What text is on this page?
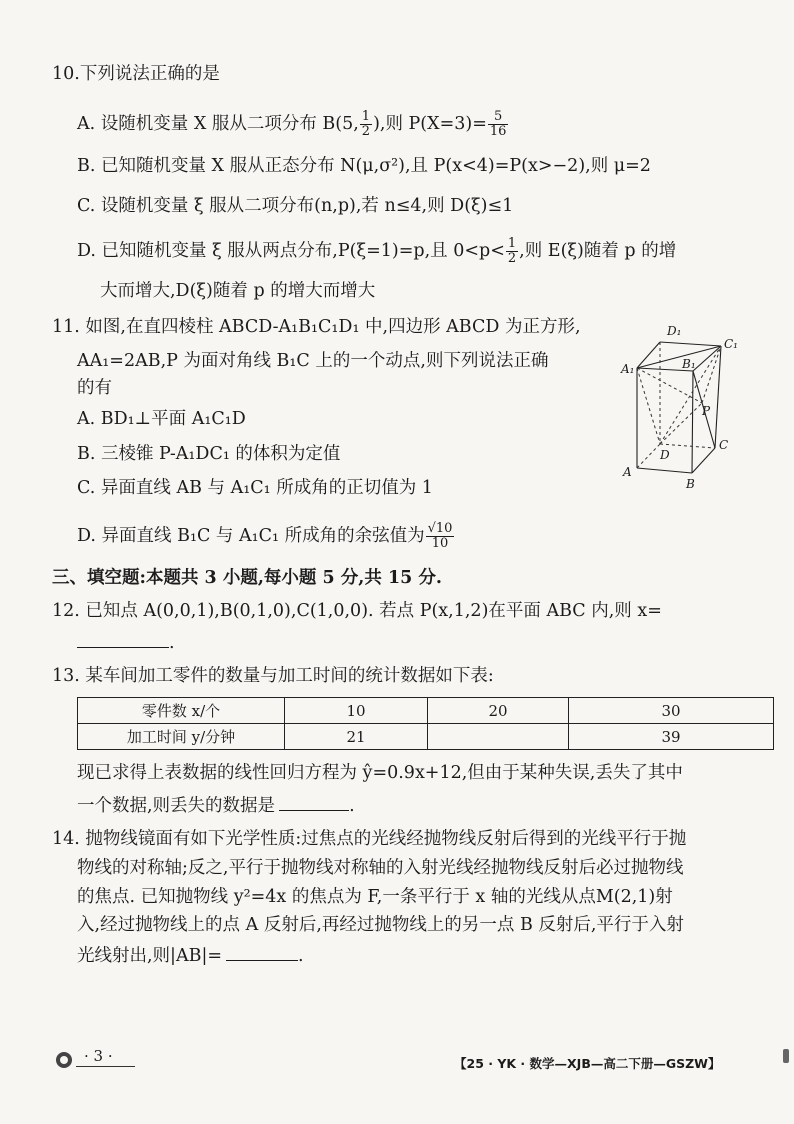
10.下列说法正确的是
A. 设随机变量 X 服从二项分布 B(5, $\frac{1}{2}$ ),则 $P(X=3)= \frac{5}{16}$
B. 已知随机变量 X 服从正态分布 N(μ,σ²),且 P(x<4)=P(x>−2),则 μ=2
C. 设随机变量 ξ 服从二项分布(n,p),若 n≤4,则 D(ξ)≤1
D. 已知随机变量 ξ 服从两点分布,P(ξ=1)=p,且 $0<p< \frac{1}{2}$ ,则 E(ξ)随着 p 的增
大而增大,D(ξ)随着 p 的增大而增大
11. 如图,在直四棱柱 ABCD-A₁B₁C₁D₁ 中,四边形 ABCD 为正方形,
AA₁=2AB,P 为面对角线 B₁C 上的一个动点,则下列说法正确
的有
A. BD₁⊥平面 A₁C₁D
B. 三棱锥 P-A₁DC₁ 的体积为定值
C. 异面直线 AB 与 A₁C₁ 所成角的正切值为 1
D. 异面直线 B₁C 与 A₁C₁ 所成角的余弦值为 $\frac{√10}{10}$
D₁
C₁
A₁	B₁
P
D
C
A
B
三、填空题:本题共 3 小题,每小题 5 分,共 15 分.
12. 已知点 A(0,0,1),B(0,1,0),C(1,0,0). 若点 P(x,1,2)在平面 ABC 内,则 x=
.
13. 某车间加工零件的数量与加工时间的统计数据如下表:
零件数 x/个	10	20	30
加工时间 y/分钟	21		39
现已求得上表数据的线性回归方程为 ŷ=0.9x+12,但由于某种失误,丢失了其中
一个数据,则丢失的数据是	.
14. 抛物线镜面有如下光学性质:过焦点的光线经抛物线反射后得到的光线平行于抛
物线的对称轴;反之,平行于抛物线对称轴的入射光线经抛物线反射后必过抛物线
的焦点. 已知抛物线 y²=4x 的焦点为 F,一条平行于 x 轴的光线从点M(2,1)射
入,经过抛物线上的点 A 反射后,再经过抛物线上的另一点 B 反射后,平行于入射
光线射出,则|AB|=	.
· 3 ·	【25 · YK · 数学—XJB—高二下册—GSZW】
